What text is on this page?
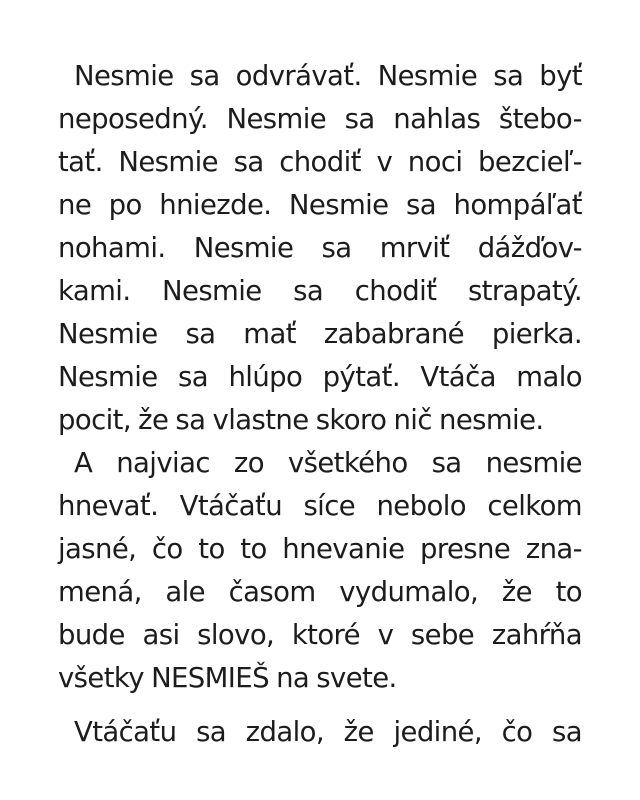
Nesmie sa odvrávať. Nesmie sa byť
neposedný. Nesmie sa nahlas štebo-
tať. Nesmie sa chodiť v noci bezcieľ-
ne po hniezde. Nesmie sa hompáľať
nohami. Nesmie sa mrviť dážďov-
kami. Nesmie sa chodiť strapatý.
Nesmie sa mať zababrané pierka.
Nesmie sa hlúpo pýtať. Vtáča malo
pocit, že sa vlastne skoro nič nesmie.
A najviac zo všetkého sa nesmie
hnevať. Vtáčaťu síce nebolo celkom
jasné, čo to to hnevanie presne zna-
mená, ale časom vydumalo, že to
bude asi slovo, ktoré v sebe zahŕňa
všetky NESMIEŠ na svete.
Vtáčaťu sa zdalo, že jediné, čo sa
